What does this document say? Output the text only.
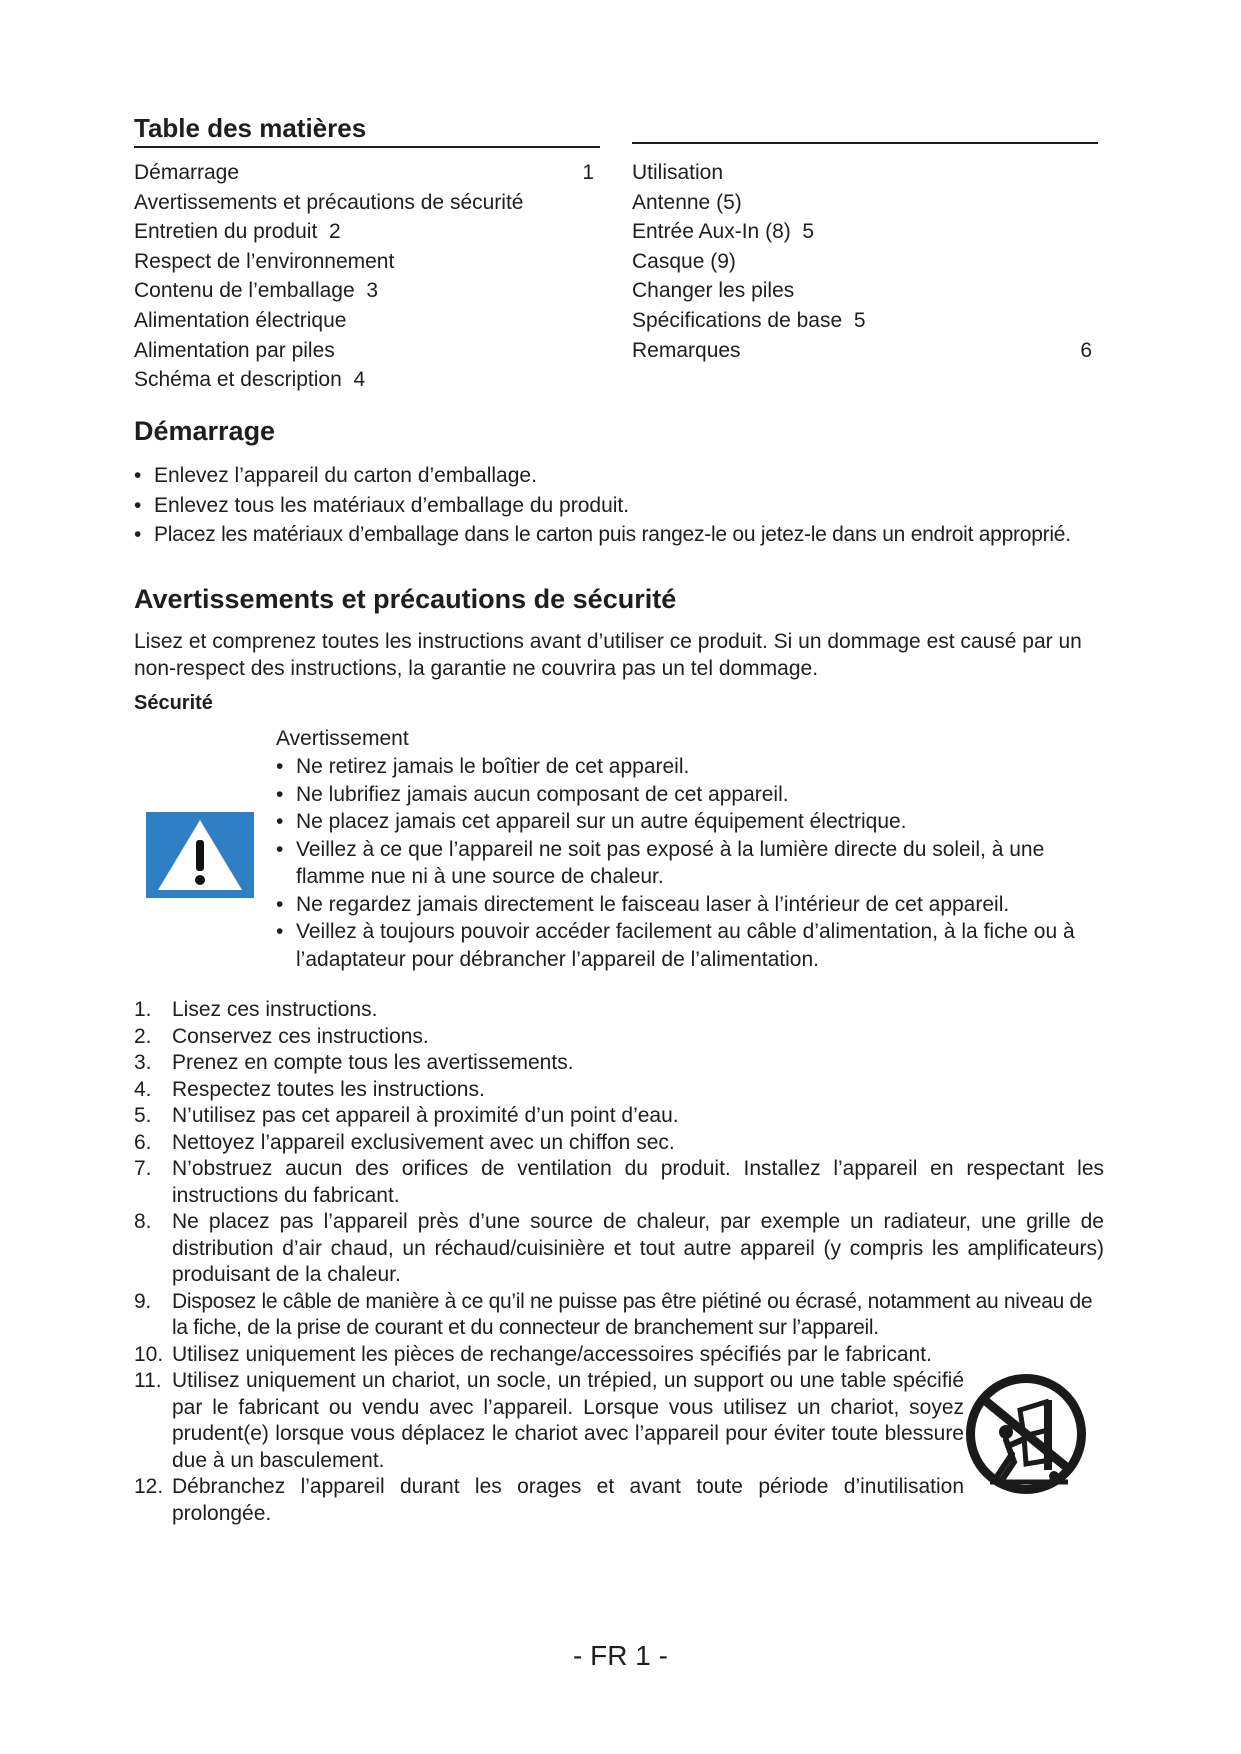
Table des matières
Démarrage	1
Avertissements et précautions de sécurité
Entretien du produit 2
Respect de l’environnement
Contenu de l’emballage 3
Alimentation électrique
Alimentation par piles
Schéma et description 4
Utilisation
Antenne (5)
Entrée Aux-In (8) 5
Casque (9)
Changer les piles
Spécifications de base 5
Remarques	6
Démarrage
• Enlevez l’appareil du carton d’emballage.
• Enlevez tous les matériaux d’emballage du produit.
• Placez les matériaux d’emballage dans le carton puis rangez-le ou jetez-le dans un endroit approprié.
Avertissements et précautions de sécurité

Lisez et comprenez toutes les instructions avant d’utiliser ce produit. Si un dommage est causé par un non-respect des instructions, la garantie ne couvrira pas un tel dommage.

Sécurité
Avertissement
• Ne retirez jamais le boîtier de cet appareil.
• Ne lubrifiez jamais aucun composant de cet appareil.
• Ne placez jamais cet appareil sur un autre équipement électrique.
• Veillez à ce que l’appareil ne soit pas exposé à la lumière directe du soleil, à une flamme nue ni à une source de chaleur.
• Ne regardez jamais directement le faisceau laser à l’intérieur de cet appareil.
• Veillez à toujours pouvoir accéder facilement au câble d’alimentation, à la fiche ou à l’adaptateur pour débrancher l’appareil de l’alimentation.
1. Lisez ces instructions.
2. Conservez ces instructions.
3. Prenez en compte tous les avertissements.
4. Respectez toutes les instructions.
5. N’utilisez pas cet appareil à proximité d’un point d’eau.
6. Nettoyez l’appareil exclusivement avec un chiffon sec.
7. N’obstruez aucun des orifices de ventilation du produit. Installez l’appareil en respectant les instructions du fabricant.
8. Ne placez pas l’appareil près d’une source de chaleur, par exemple un radiateur, une grille de distribution d’air chaud, un réchaud/cuisinière et tout autre appareil (y compris les amplificateurs) produisant de la chaleur.
9. Disposez le câble de manière à ce qu’il ne puisse pas être piétiné ou écrasé, notamment au niveau de la fiche, de la prise de courant et du connecteur de branchement sur l’appareil.
10. Utilisez uniquement les pièces de rechange/accessoires spécifiés par le fabricant.
11. Utilisez uniquement un chariot, un socle, un trépied, un support ou une table spécifié par le fabricant ou vendu avec l’appareil. Lorsque vous utilisez un chariot, soyez prudent(e) lorsque vous déplacez le chariot avec l’appareil pour éviter toute blessure due à un basculement.
12. Débranchez l’appareil durant les orages et avant toute période d’inutilisation prolongée.
- FR 1 -
